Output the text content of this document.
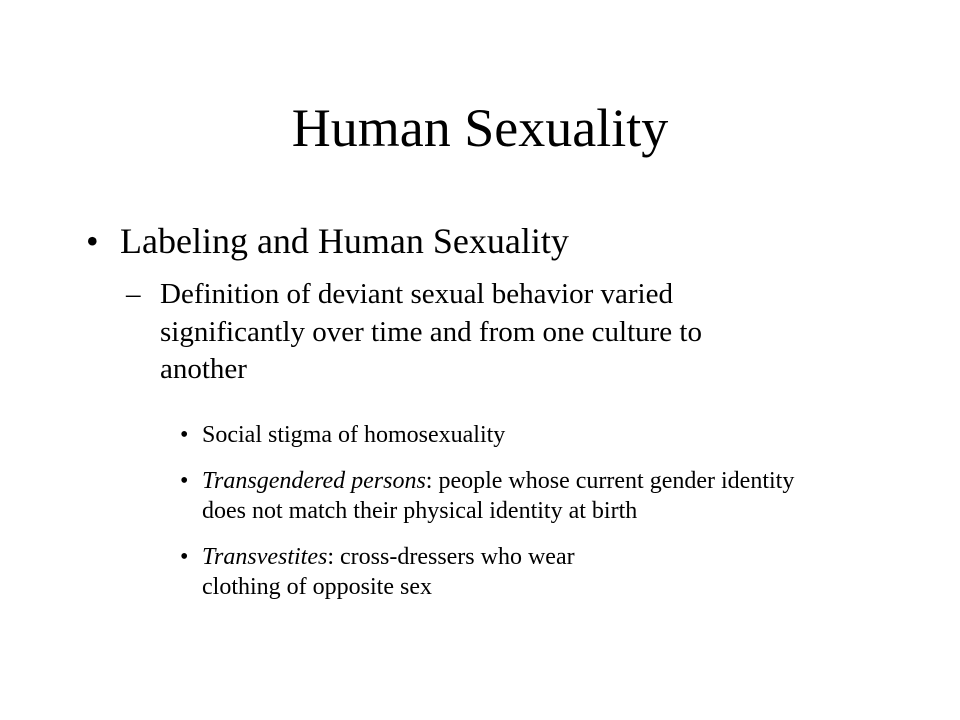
Human Sexuality
• Labeling and Human Sexuality
– Definition of deviant sexual behavior varied significantly over time and from one culture to another
• Social stigma of homosexuality
• Transgendered persons: people whose current gender identity does not match their physical identity at birth
• Transvestites: cross-dressers who wear clothing of opposite sex
